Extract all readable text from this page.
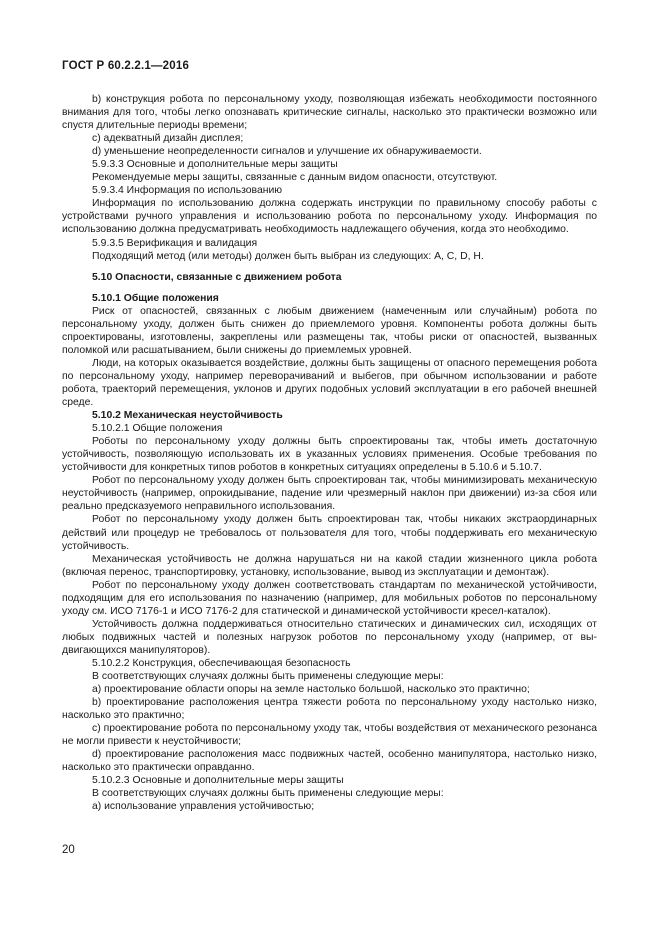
ГОСТ Р 60.2.2.1—2016

b) конструкция робота по персональному уходу, позволяющая избежать необходимости постоянного внимания для того, чтобы легко опознавать критические сигналы, насколько это практически возможно или спустя длительные периоды времени;

c) адекватный дизайн дисплея;

d) уменьшение неопределенности сигналов и улучшение их обнаруживаемости.

5.9.3.3 Основные и дополнительные меры защиты

Рекомендуемые меры защиты, связанные с данным видом опасности, отсутствуют.

5.9.3.4 Информация по использованию

Информация по использованию должна содержать инструкции по правильному способу работы с устройствами ручного управления и использованию робота по персональному уходу. Информация по использованию должна предусматривать необходимость надлежащего обучения, когда это необходимо.

5.9.3.5 Верификация и валидация

Подходящий метод (или методы) должен быть выбран из следующих: А, С, D, Н.

5.10 Опасности, связанные с движением робота

5.10.1 Общие положения

Риск от опасностей, связанных с любым движением (намеченным или случайным) робота по персональному уходу, должен быть снижен до приемлемого уровня. Компоненты робота должны быть спроектированы, изготовлены, закреплены или размещены так, чтобы риски от опасностей, вызванных поломкой или расшатыванием, были снижены до приемлемых уровней.

Люди, на которых оказывается воздействие, должны быть защищены от опасного перемещения робота по персональному уходу, например переворачиваний и выбегов, при обычном использовании и работе робота, траекторий перемещения, уклонов и других подобных условий эксплуатации в его рабочей внешней среде.

5.10.2 Механическая неустойчивость

5.10.2.1 Общие положения

Роботы по персональному уходу должны быть спроектированы так, чтобы иметь достаточную устойчивость, позволяющую использовать их в указанных условиях применения. Особые требования по устойчивости для конкретных типов роботов в конкретных ситуациях определены в 5.10.6 и 5.10.7.

Робот по персональному уходу должен быть спроектирован так, чтобы минимизировать механическую неустойчивость (например, опрокидывание, падение или чрезмерный наклон при движении) из-за сбоя или реально предсказуемого неправильного использования.

Робот по персональному уходу должен быть спроектирован так, чтобы никаких экстраординарных действий или процедур не требовалось от пользователя для того, чтобы поддерживать его механическую устойчивость.

Механическая устойчивость не должна нарушаться ни на какой стадии жизненного цикла робота (включая перенос, транспортировку, установку, использование, вывод из эксплуатации и демонтаж).

Робот по персональному уходу должен соответствовать стандартам по механической устойчивости, подходящим для его использования по назначению (например, для мобильных роботов по персональному уходу см. ИСО 7176-1 и ИСО 7176-2 для статической и динамической устойчивости кресел-каталок).

Устойчивость должна поддерживаться относительно статических и динамических сил, исходящих от любых подвижных частей и полезных нагрузок роботов по персональному уходу (например, от вы-двигающихся манипуляторов).

5.10.2.2 Конструкция, обеспечивающая безопасность

В соответствующих случаях должны быть применены следующие меры:

а) проектирование области опоры на земле настолько большой, насколько это практично;

b) проектирование расположения центра тяжести робота по персональному уходу настолько низко, насколько это практично;

с) проектирование робота по персональному уходу так, чтобы воздействия от механического резонанса не могли привести к неустойчивости;

d) проектирование расположения масс подвижных частей, особенно манипулятора, настолько низко, насколько это практически оправданно.

5.10.2.3 Основные и дополнительные меры защиты

В соответствующих случаях должны быть применены следующие меры:

а) использование управления устойчивостью;

20
